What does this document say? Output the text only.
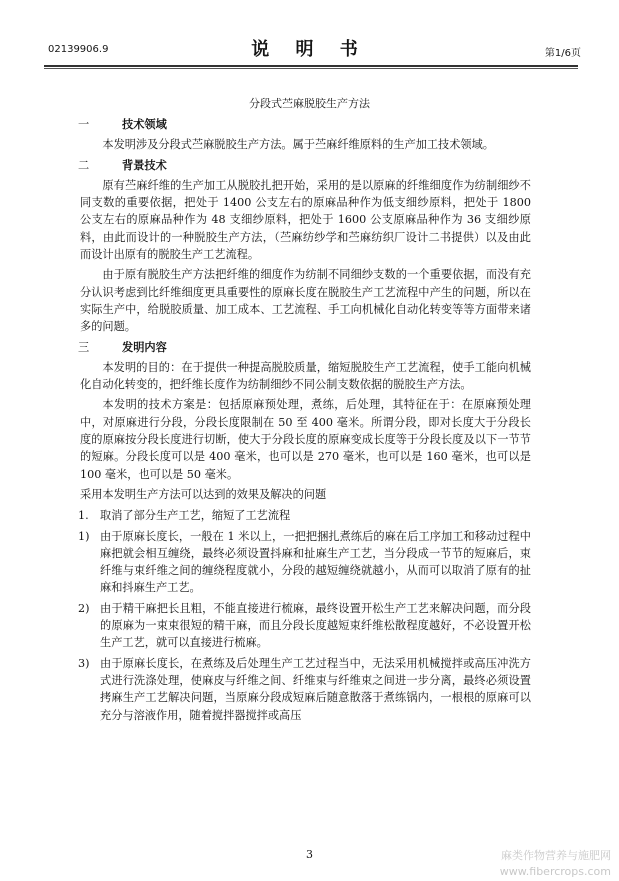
02139906.9	说 明 书	第1/6页
分段式苎麻脱胶生产方法
一	技术领域

本发明涉及分段式苎麻脱胶生产方法。属于苎麻纤维原料的生产加工技术领域。

二	背景技术

原有苎麻纤维的生产加工从脱胶扎把开始，采用的是以原麻的纤维细度作为纺制细纱不同支数的重要依据，把处于 1400 公支左右的原麻品种作为低支细纱原料，把处于 1800 公支左右的原麻品种作为 48 支细纱原料，把处于 1600 公支原麻品种作为 36 支细纱原料，由此而设计的一种脱胶生产方法，（苎麻纺纱学和苎麻纺织厂设计二书提供）以及由此而设计出原有的脱胶生产工艺流程。

由于原有脱胶生产方法把纤维的细度作为纺制不同细纱支数的一个重要依据，而没有充分认识考虑到比纤维细度更具重要性的原麻长度在脱胶生产工艺流程中产生的问题，所以在实际生产中，给脱胶质量、加工成本、工艺流程、手工向机械化自动化转变等等方面带来诸多的问题。

三	发明内容

本发明的目的：在于提供一种提高脱胶质量，缩短脱胶生产工艺流程，使手工能向机械化自动化转变的，把纤维长度作为纺制细纱不同公制支数依据的脱胶生产方法。

本发明的技术方案是：包括原麻预处理，煮练，后处理，其特征在于：在原麻预处理中，对原麻进行分段，分段长度限制在 50 至 400 毫米。所谓分段，即对长度大于分段长度的原麻按分段长度进行切断，使大于分段长度的原麻变成长度等于分段长度及以下一节节的短麻。分段长度可以是 400 毫米，也可以是 270 毫米，也可以是 160 毫米，也可以是 100 毫米，也可以是 50 毫米。

采用本发明生产方法可以达到的效果及解决的问题

1.	取消了部分生产工艺，缩短了工艺流程
1) 由于原麻长度长，一般在 1 米以上，一把把捆扎煮练后的麻在后工序加工和移动过程中麻把就会相互缠绕，最终必须设置抖麻和扯麻生产工艺，当分段成一节节的短麻后，束纤维与束纤维之间的缠绕程度就小，分段的越短缠绕就越小，从而可以取消了原有的扯麻和抖麻生产工艺。
2) 由于精干麻把长且粗，不能直接进行梳麻，最终设置开松生产工艺来解决问题，而分段的原麻为一束束很短的精干麻，而且分段长度越短束纤维松散程度越好，不必设置开松生产工艺，就可以直接进行梳麻。
3) 由于原麻长度长，在煮练及后处理生产工艺过程当中，无法采用机械搅拌或高压冲洗方式进行洗涤处理，使麻皮与纤维之间、纤维束与纤维束之间进一步分离，最终必须设置拷麻生产工艺解决问题，当原麻分段成短麻后随意散落于煮练锅内，一根根的原麻可以充分与溶液作用，随着搅拌器搅拌或高压
3	麻类作物营养与施肥网
www.fibercrops.com
